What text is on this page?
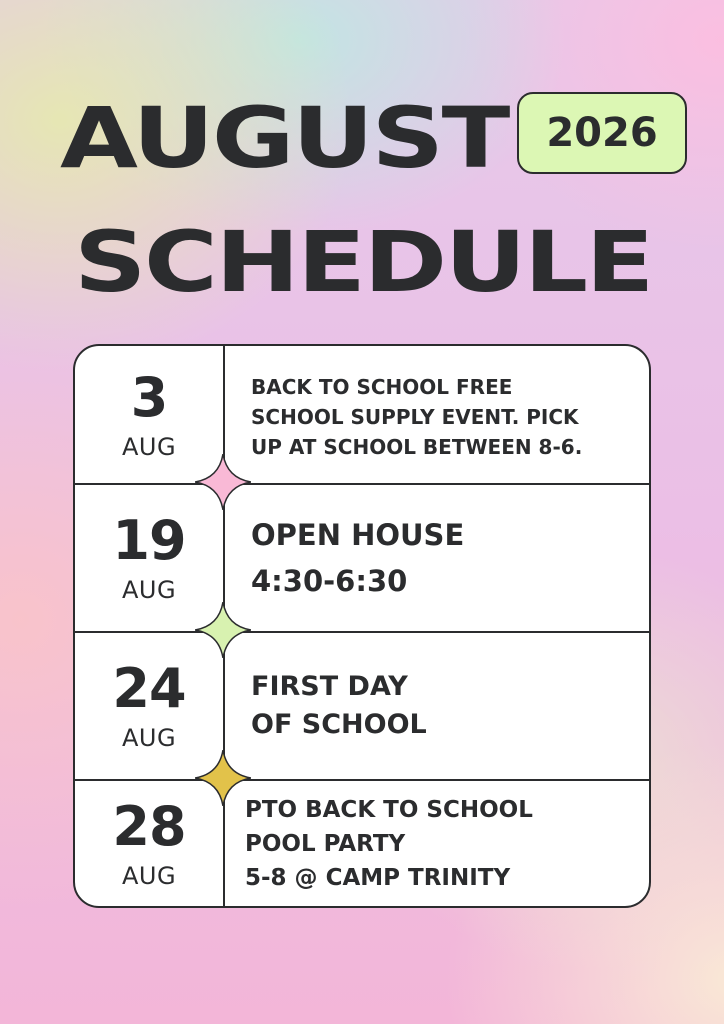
AUGUST 2026
SCHEDULE
3
AUG
BACK TO SCHOOL FREE
SCHOOL SUPPLY EVENT. PICK
UP AT SCHOOL BETWEEN 8-6.
19
AUG
OPEN HOUSE
4:30-6:30
24
AUG
FIRST DAY
OF SCHOOL
28
AUG
PTO BACK TO SCHOOL
POOL PARTY
5-8 @ CAMP TRINITY
